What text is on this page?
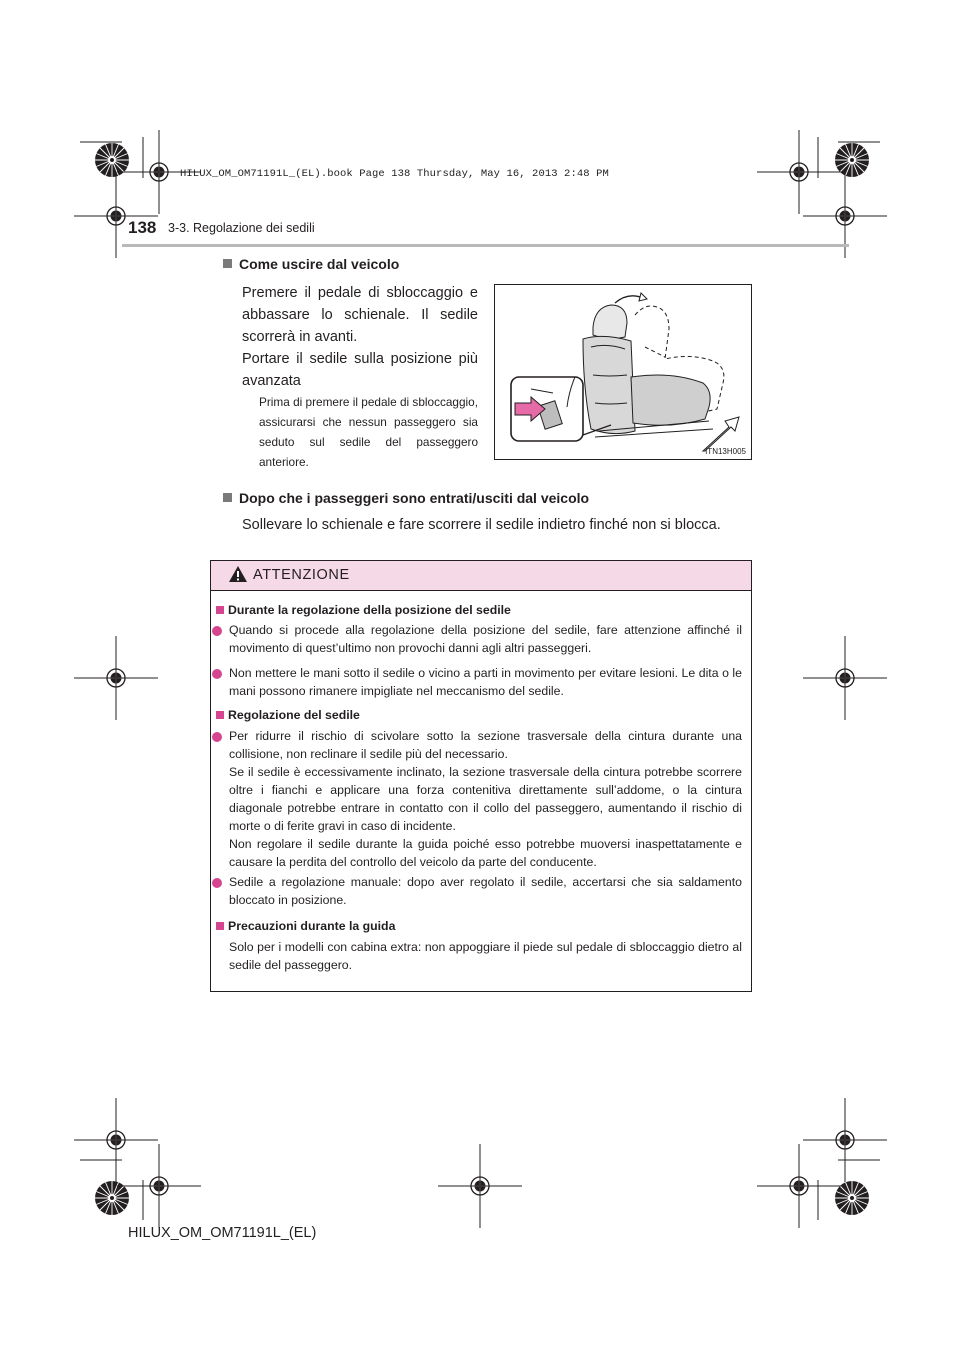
HILUX_OM_OM71191L_(EL).book Page 138 Thursday, May 16, 2013 2:48 PM
138 3-3. Regolazione dei sedili
Come uscire dal veicolo
Premere il pedale di sbloccaggio e abbassare lo schienale. Il sedile scorrerà in avanti.
Portare il sedile sulla posizione più avanzata
Prima di premere il pedale di sbloccaggio, assicurarsi che nessun passeggero sia seduto sul sedile del passeggero anteriore.
ITN13H005
Dopo che i passeggeri sono entrati/usciti dal veicolo
Sollevare lo schienale e fare scorrere il sedile indietro finché non si blocca.
ATTENZIONE
Durante la regolazione della posizione del sedile
Quando si procede alla regolazione della posizione del sedile, fare attenzione affinché il movimento di quest’ultimo non provochi danni agli altri passeggeri.
Non mettere le mani sotto il sedile o vicino a parti in movimento per evitare lesioni. Le dita o le mani possono rimanere impigliate nel meccanismo del sedile.
Regolazione del sedile
Per ridurre il rischio di scivolare sotto la sezione trasversale della cintura durante una collisione, non reclinare il sedile più del necessario.
Se il sedile è eccessivamente inclinato, la sezione trasversale della cintura potrebbe scorrere oltre i fianchi e applicare una forza contenitiva direttamente sull’addome, o la cintura diagonale potrebbe entrare in contatto con il collo del passeggero, aumentando il rischio di morte o di ferite gravi in caso di incidente.
Non regolare il sedile durante la guida poiché esso potrebbe muoversi inaspettatamente e causare la perdita del controllo del veicolo da parte del conducente.
Sedile a regolazione manuale: dopo aver regolato il sedile, accertarsi che sia saldamento bloccato in posizione.
Precauzioni durante la guida
Solo per i modelli con cabina extra: non appoggiare il piede sul pedale di sbloccaggio dietro al sedile del passeggero.
HILUX_OM_OM71191L_(EL)
